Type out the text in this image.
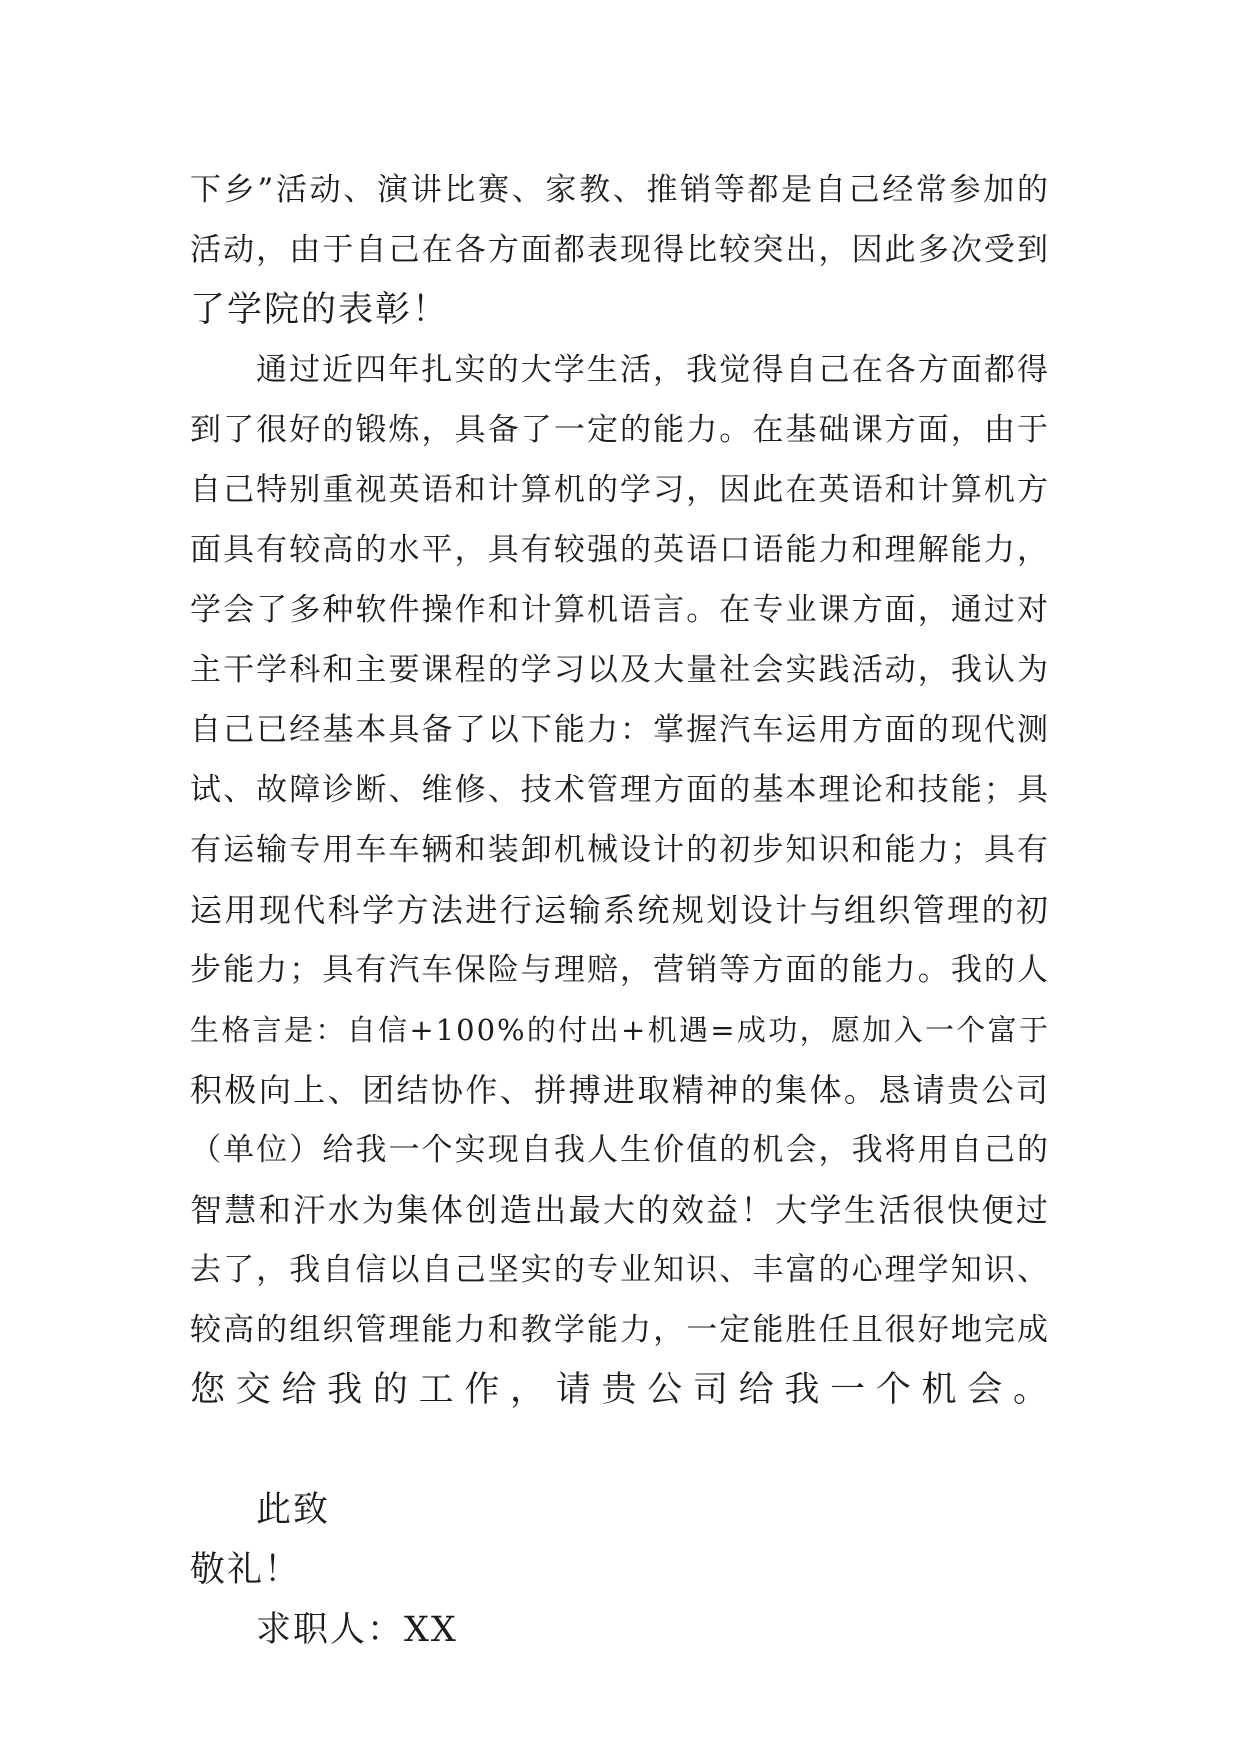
下乡”活动、演讲比赛、家教、推销等都是自己经常参加的
活动，由于自己在各方面都表现得比较突出，因此多次受到
了学院的表彰！
通过近四年扎实的大学生活，我觉得自己在各方面都得
到了很好的锻炼，具备了一定的能力。在基础课方面，由于
自己特别重视英语和计算机的学习，因此在英语和计算机方
面具有较高的水平，具有较强的英语口语能力和理解能力，
学会了多种软件操作和计算机语言。在专业课方面，通过对
主干学科和主要课程的学习以及大量社会实践活动，我认为
自己已经基本具备了以下能力：掌握汽车运用方面的现代测
试、故障诊断、维修、技术管理方面的基本理论和技能；具
有运输专用车车辆和装卸机械设计的初步知识和能力；具有
运用现代科学方法进行运输系统规划设计与组织管理的初
步能力；具有汽车保险与理赔，营销等方面的能力。我的人
生格言是：自信+100%的付出+机遇=成功，愿加入一个富于
积极向上、团结协作、拼搏进取精神的集体。恳请贵公司
（单位）给我一个实现自我人生价值的机会，我将用自己的
智慧和汗水为集体创造出最大的效益！大学生活很快便过
去了，我自信以自己坚实的专业知识、丰富的心理学知识、
较高的组织管理能力和教学能力，一定能胜任且很好地完成
您交给我的工作，请贵公司给我一个机会。
此致
敬礼！
求职人：XX
